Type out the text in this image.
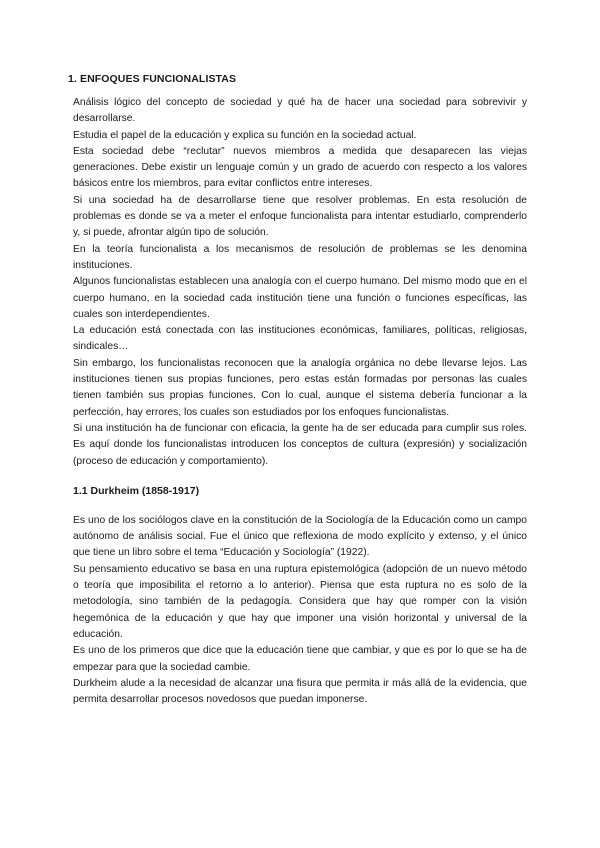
1. ENFOQUES FUNCIONALISTAS

Análisis lógico del concepto de sociedad y qué ha de hacer una sociedad para sobrevivir y desarrollarse.

Estudia el papel de la educación y explica su función en la sociedad actual.

Esta sociedad debe “reclutar” nuevos miembros a medida que desaparecen las viejas generaciones. Debe existir un lenguaje común y un grado de acuerdo con respecto a los valores básicos entre los miembros, para evitar conflictos entre intereses.

Si una sociedad ha de desarrollarse tiene que resolver problemas. En esta resolución de problemas es donde se va a meter el enfoque funcionalista para intentar estudiarlo, comprenderlo y, si puede, afrontar algún tipo de solución.

En la teoría funcionalista a los mecanismos de resolución de problemas se les denomina instituciones.

Algunos funcionalistas establecen una analogía con el cuerpo humano. Del mismo modo que en el cuerpo humano, en la sociedad cada institución tiene una función o funciones específicas, las cuales son interdependientes.

La educación está conectada con las instituciones económicas, familiares, políticas, religiosas, sindicales…

Sin embargo, los funcionalistas reconocen que la analogía orgánica no debe llevarse lejos. Las instituciones tienen sus propias funciones, pero estas están formadas por personas las cuales tienen también sus propias funciones. Con lo cual, aunque el sistema debería funcionar a la perfección, hay errores, los cuales son estudiados por los enfoques funcionalistas.

Si una institución ha de funcionar con eficacia, la gente ha de ser educada para cumplir sus roles. Es aquí donde los funcionalistas introducen los conceptos de cultura (expresión) y socialización (proceso de educación y comportamiento).

1.1 Durkheim (1858-1917)

Es uno de los sociólogos clave en la constitución de la Sociología de la Educación como un campo autónomo de análisis social. Fue el único que reflexiona de modo explícito y extenso, y el único que tiene un libro sobre el tema “Educación y Sociología” (1922).

Su pensamiento educativo se basa en una ruptura epistemológica (adopción de un nuevo método o teoría que imposibilita el retorno a lo anterior). Piensa que esta ruptura no es solo de la metodología, sino también de la pedagogía. Considera que hay que romper con la visión hegemónica de la educación y que hay que imponer una visión horizontal y universal de la educación.

Es uno de los primeros que dice que la educación tiene que cambiar, y que es por lo que se ha de empezar para que la sociedad cambie.

Durkheim alude a la necesidad de alcanzar una fisura que permita ir más allá de la evidencia, que permita desarrollar procesos novedosos que puedan imponerse.
